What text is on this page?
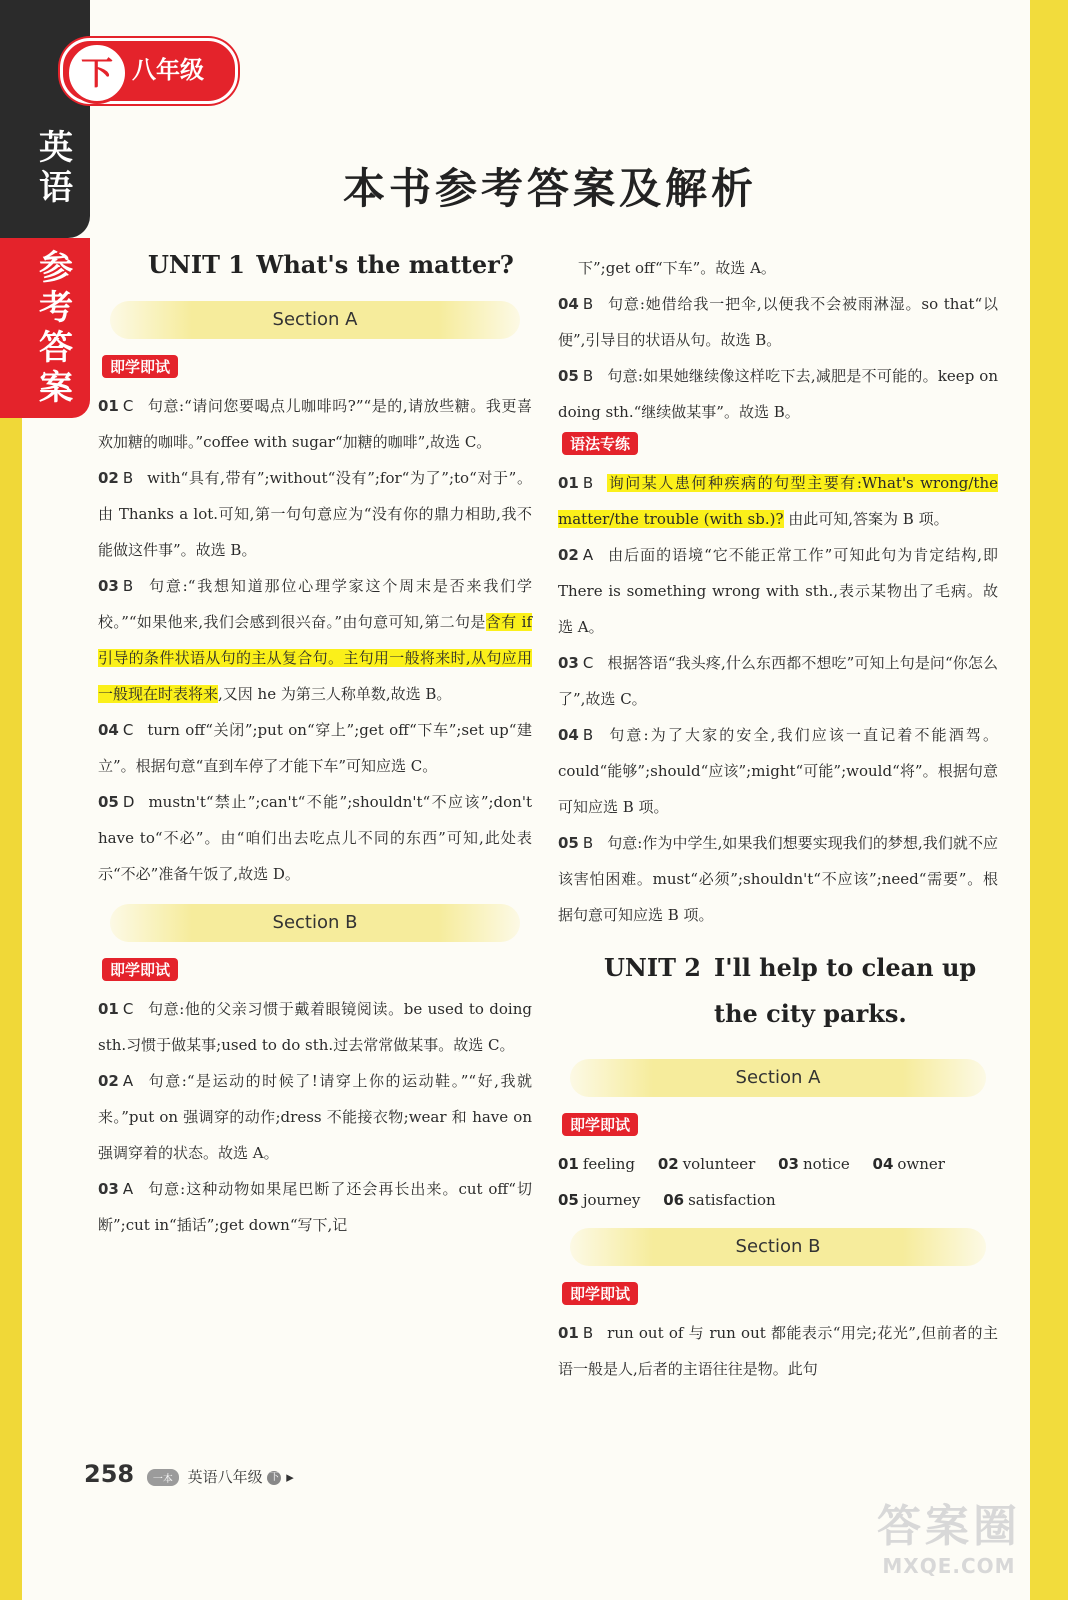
英语
参考答案
下 八年级
本书参考答案及解析
UNIT 1 What's the matter?
Section A
即学即试
01 C 句意:“请问您要喝点儿咖啡吗?”“是的,请放些糖。我更喜欢加糖的咖啡。”coffee with sugar“加糖的咖啡”,故选 C。
02 B with“具有,带有”;without“没有”;for“为了”;to“对于”。由 Thanks a lot.可知,第一句句意应为“没有你的鼎力相助,我不能做这件事”。故选 B。
03 B 句意:“我想知道那位心理学家这个周末是否来我们学校。”“如果他来,我们会感到很兴奋。”由句意可知,第二句是含有 if 引导的条件状语从句的主从复合句。主句用一般将来时,从句应用一般现在时表将来,又因 he 为第三人称单数,故选 B。
04 C turn off“关闭”;put on“穿上”;get off“下车”;set up“建立”。根据句意“直到车停了才能下车”可知应选 C。
05 D mustn't“禁止”;can't“不能”;shouldn't“不应该”;don't have to“不必”。由“咱们出去吃点儿不同的东西”可知,此处表示“不必”准备午饭了,故选 D。
Section B
即学即试
01 C 句意:他的父亲习惯于戴着眼镜阅读。be used to doing sth.习惯于做某事;used to do sth.过去常常做某事。故选 C。
02 A 句意:“是运动的时候了!请穿上你的运动鞋。”“好,我就来。”put on 强调穿的动作;dress 不能接衣物;wear 和 have on 强调穿着的状态。故选 A。
03 A 句意:这种动物如果尾巴断了还会再长出来。cut off“切断”;cut in“插话”;get down“写下,记
下”;get off“下车”。故选 A。
04 B 句意:她借给我一把伞,以便我不会被雨淋湿。so that“以便”,引导目的状语从句。故选 B。
05 B 句意:如果她继续像这样吃下去,减肥是不可能的。keep on doing sth.“继续做某事”。故选 B。
语法专练
01 B 询问某人患何种疾病的句型主要有:What's wrong/the matter/the trouble (with sb.)? 由此可知,答案为 B 项。
02 A 由后面的语境“它不能正常工作”可知此句为肯定结构,即 There is something wrong with sth.,表示某物出了毛病。故选 A。
03 C 根据答语“我头疼,什么东西都不想吃”可知上句是问“你怎么了”,故选 C。
04 B 句意:为了大家的安全,我们应该一直记着不能酒驾。could“能够”;should“应该”;might“可能”;would“将”。根据句意可知应选 B 项。
05 B 句意:作为中学生,如果我们想要实现我们的梦想,我们就不应该害怕困难。must“必须”;shouldn't“不应该”;need“需要”。根据句意可知应选 B 项。
UNIT 2 I'll help to clean up
the city parks.
Section A
即学即试
01 feeling 02 volunteer 03 notice 04 owner
05 journey 06 satisfaction
Section B
即学即试
01 B run out of 与 run out 都能表示“用完;花光”,但前者的主语一般是人,后者的主语往往是物。此句
258 一本 英语八年级 下 ▸
答案圈
MXQE.COM
